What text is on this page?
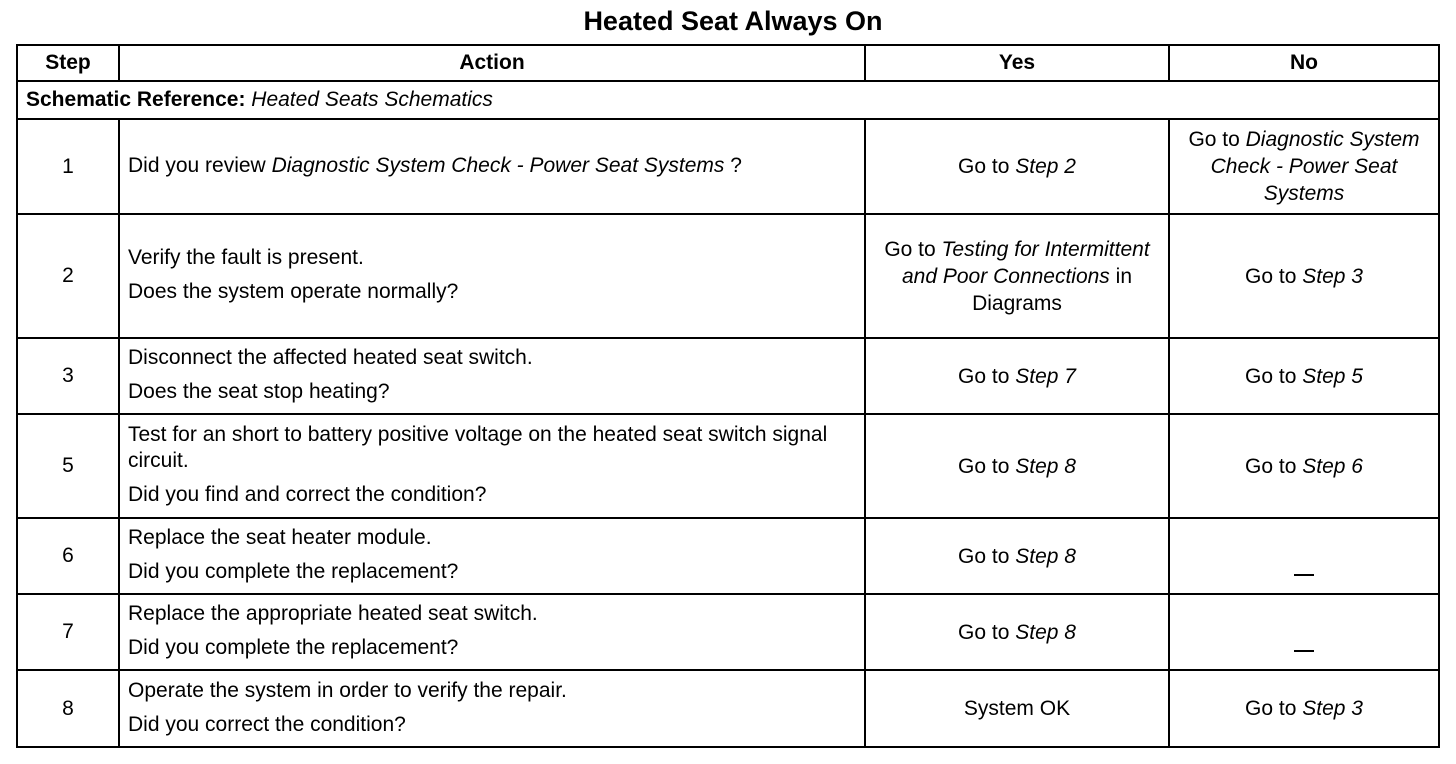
Heated Seat Always On
Step	Action	Yes	No
Schematic Reference: Heated Seats Schematics			
1	Did you review Diagnostic System Check - Power Seat Systems ?	Go to Step 2	Go to Diagnostic System Check - Power Seat Systems
2	Verify the fault is present.

Does the system operate normally?	Go to Testing for Intermittent and Poor Connections in Diagrams	Go to Step 3
3	Disconnect the affected heated seat switch.

Does the seat stop heating?	Go to Step 7	Go to Step 5
5	Test for an short to battery positive voltage on the heated seat switch signal circuit.

Did you find and correct the condition?	Go to Step 8	Go to Step 6
6	Replace the seat heater module.

Did you complete the replacement?	Go to Step 8	
7	Replace the appropriate heated seat switch.

Did you complete the replacement?	Go to Step 8	
8	Operate the system in order to verify the repair.

Did you correct the condition?	System OK	Go to Step 3
